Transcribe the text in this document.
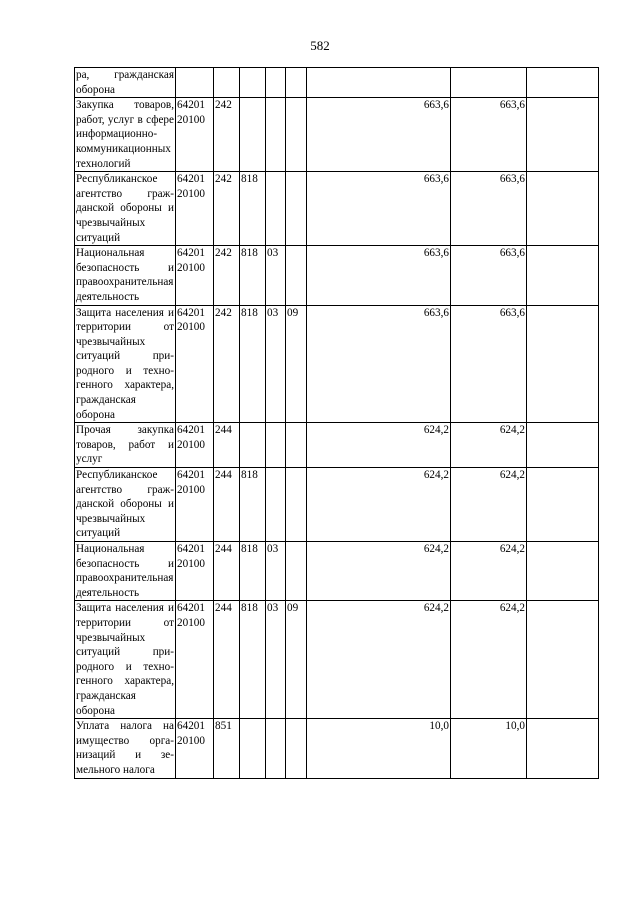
582
ра, гражданская оборона								
Закупка товаров, работ, услуг в сфере информационно-коммуникационных технологий	64201 20100	242				663,6	663,6	
Республиканское агентство гражданской обороны и чрезвычайных ситуаций	64201 20100	242	818			663,6	663,6	
Национальная безопасность и правоохранительная деятельность	64201 20100	242	818	03		663,6	663,6	
Защита населения и территории от чрезвычайных ситуаций природного и техногенного характера, гражданская оборона	64201 20100	242	818	03	09	663,6	663,6	
Прочая закупка товаров, работ и услуг	64201 20100	244				624,2	624,2	
Республиканское агентство гражданской обороны и чрезвычайных ситуаций	64201 20100	244	818			624,2	624,2	
Национальная безопасность и правоохранительная деятельность	64201 20100	244	818	03		624,2	624,2	
Защита населения и территории от чрезвычайных ситуаций природного и техногенного характера, гражданская оборона	64201 20100	244	818	03	09	624,2	624,2	
Уплата налога на имущество организаций и земельного налога	64201 20100	851				10,0	10,0	
